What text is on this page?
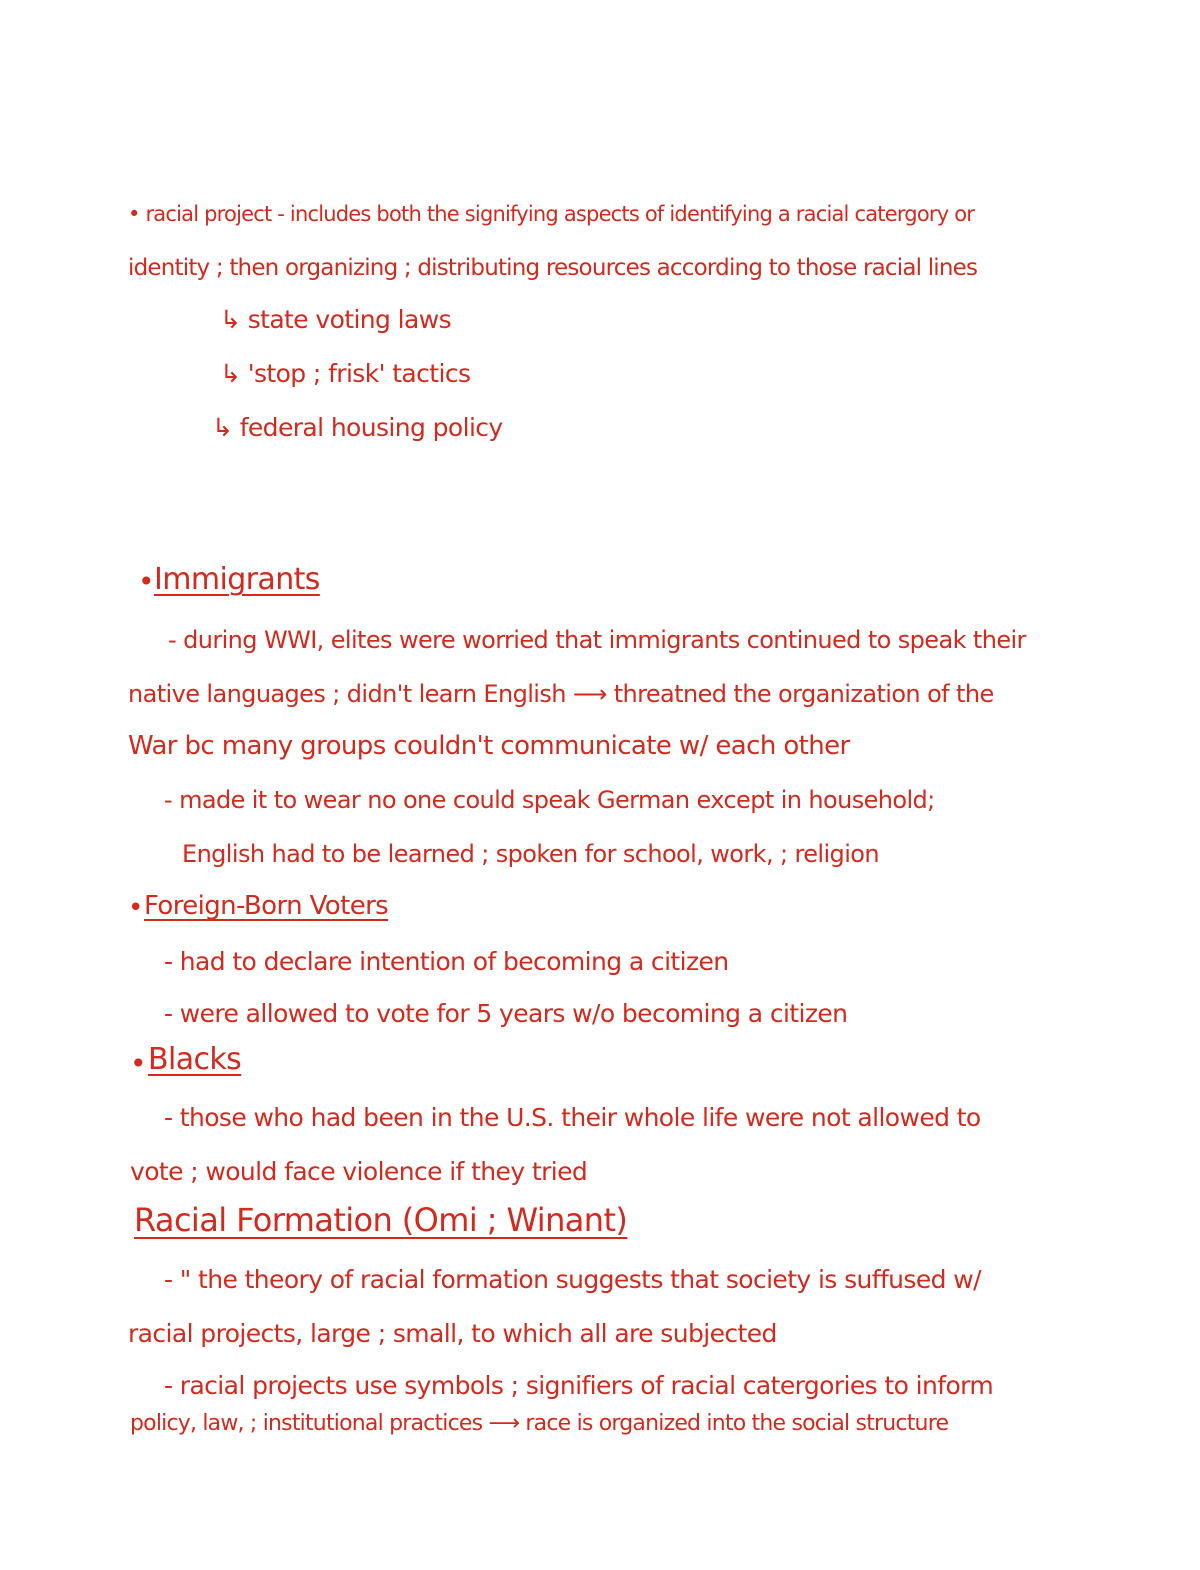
• racial project - includes both the signifying aspects of identifying a racial catergory or
identity ; then organizing ; distributing resources according to those racial lines
↳ state voting laws
↳ 'stop ; frisk' tactics
↳ federal housing policy
• Immigrants
- during WWI, elites were worried that immigrants continued to speak their
native languages ; didn't learn English ⟶ threatned the organization of the
War bc many groups couldn't communicate w/ each other
- made it to wear no one could speak German except in household;
English had to be learned ; spoken for school, work, ; religion
• Foreign-Born Voters
- had to declare intention of becoming a citizen
- were allowed to vote for 5 years w/o becoming a citizen
• Blacks
- those who had been in the U.S. their whole life were not allowed to
vote ; would face violence if they tried
Racial Formation (Omi ; Winant)
- " the theory of racial formation suggests that society is suffused w/
racial projects, large ; small, to which all are subjected
- racial projects use symbols ; signifiers of racial catergories to inform
policy, law, ; institutional practices ⟶ race is organized into the social structure
